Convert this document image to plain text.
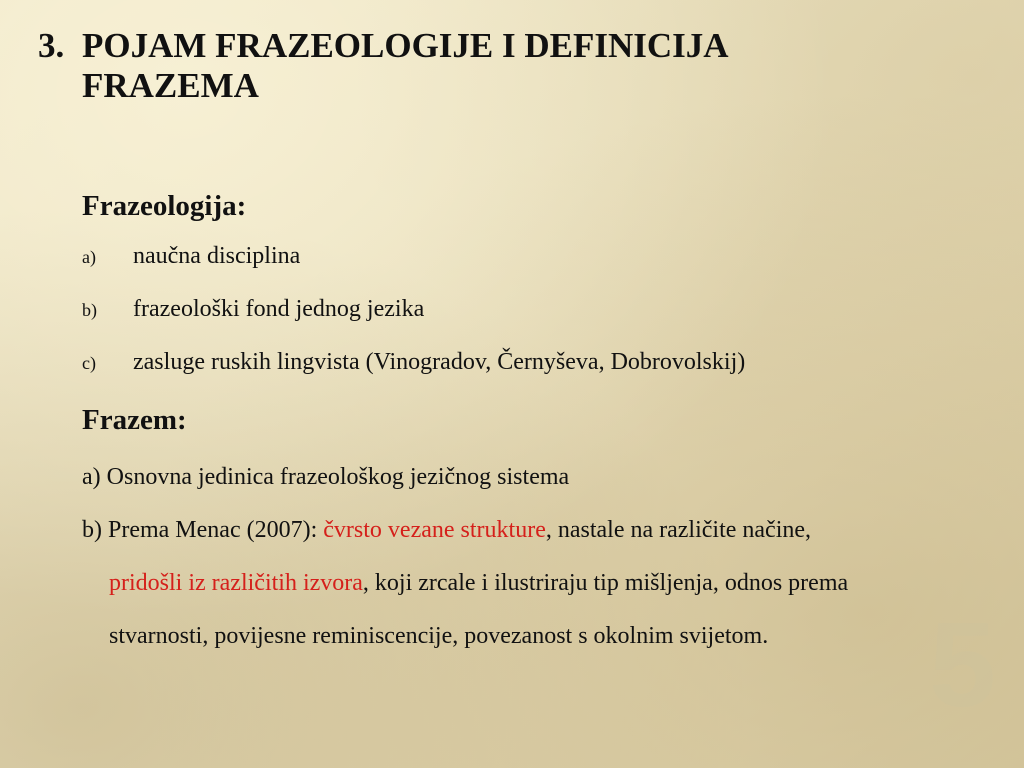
3. POJAM FRAZEOLOGIJE I DEFINICIJA
FRAZEMA
Frazeologija:
a) naučna disciplina
b) frazeološki fond jednog jezika
c) zasluge ruskih lingvista (Vinogradov, Černyševa, Dobrovolskij)
Frazem:

a) Osnovna jedinica frazeološkog jezičnog sistema

b) Prema Menac (2007): čvrsto vezane strukture, nastale na različite načine,
pridošli iz različitih izvora, koji zrcale i ilustriraju tip mišljenja, odnos prema
stvarnosti, povijesne reminiscencije, povezanost s okolnim svijetom.	5
